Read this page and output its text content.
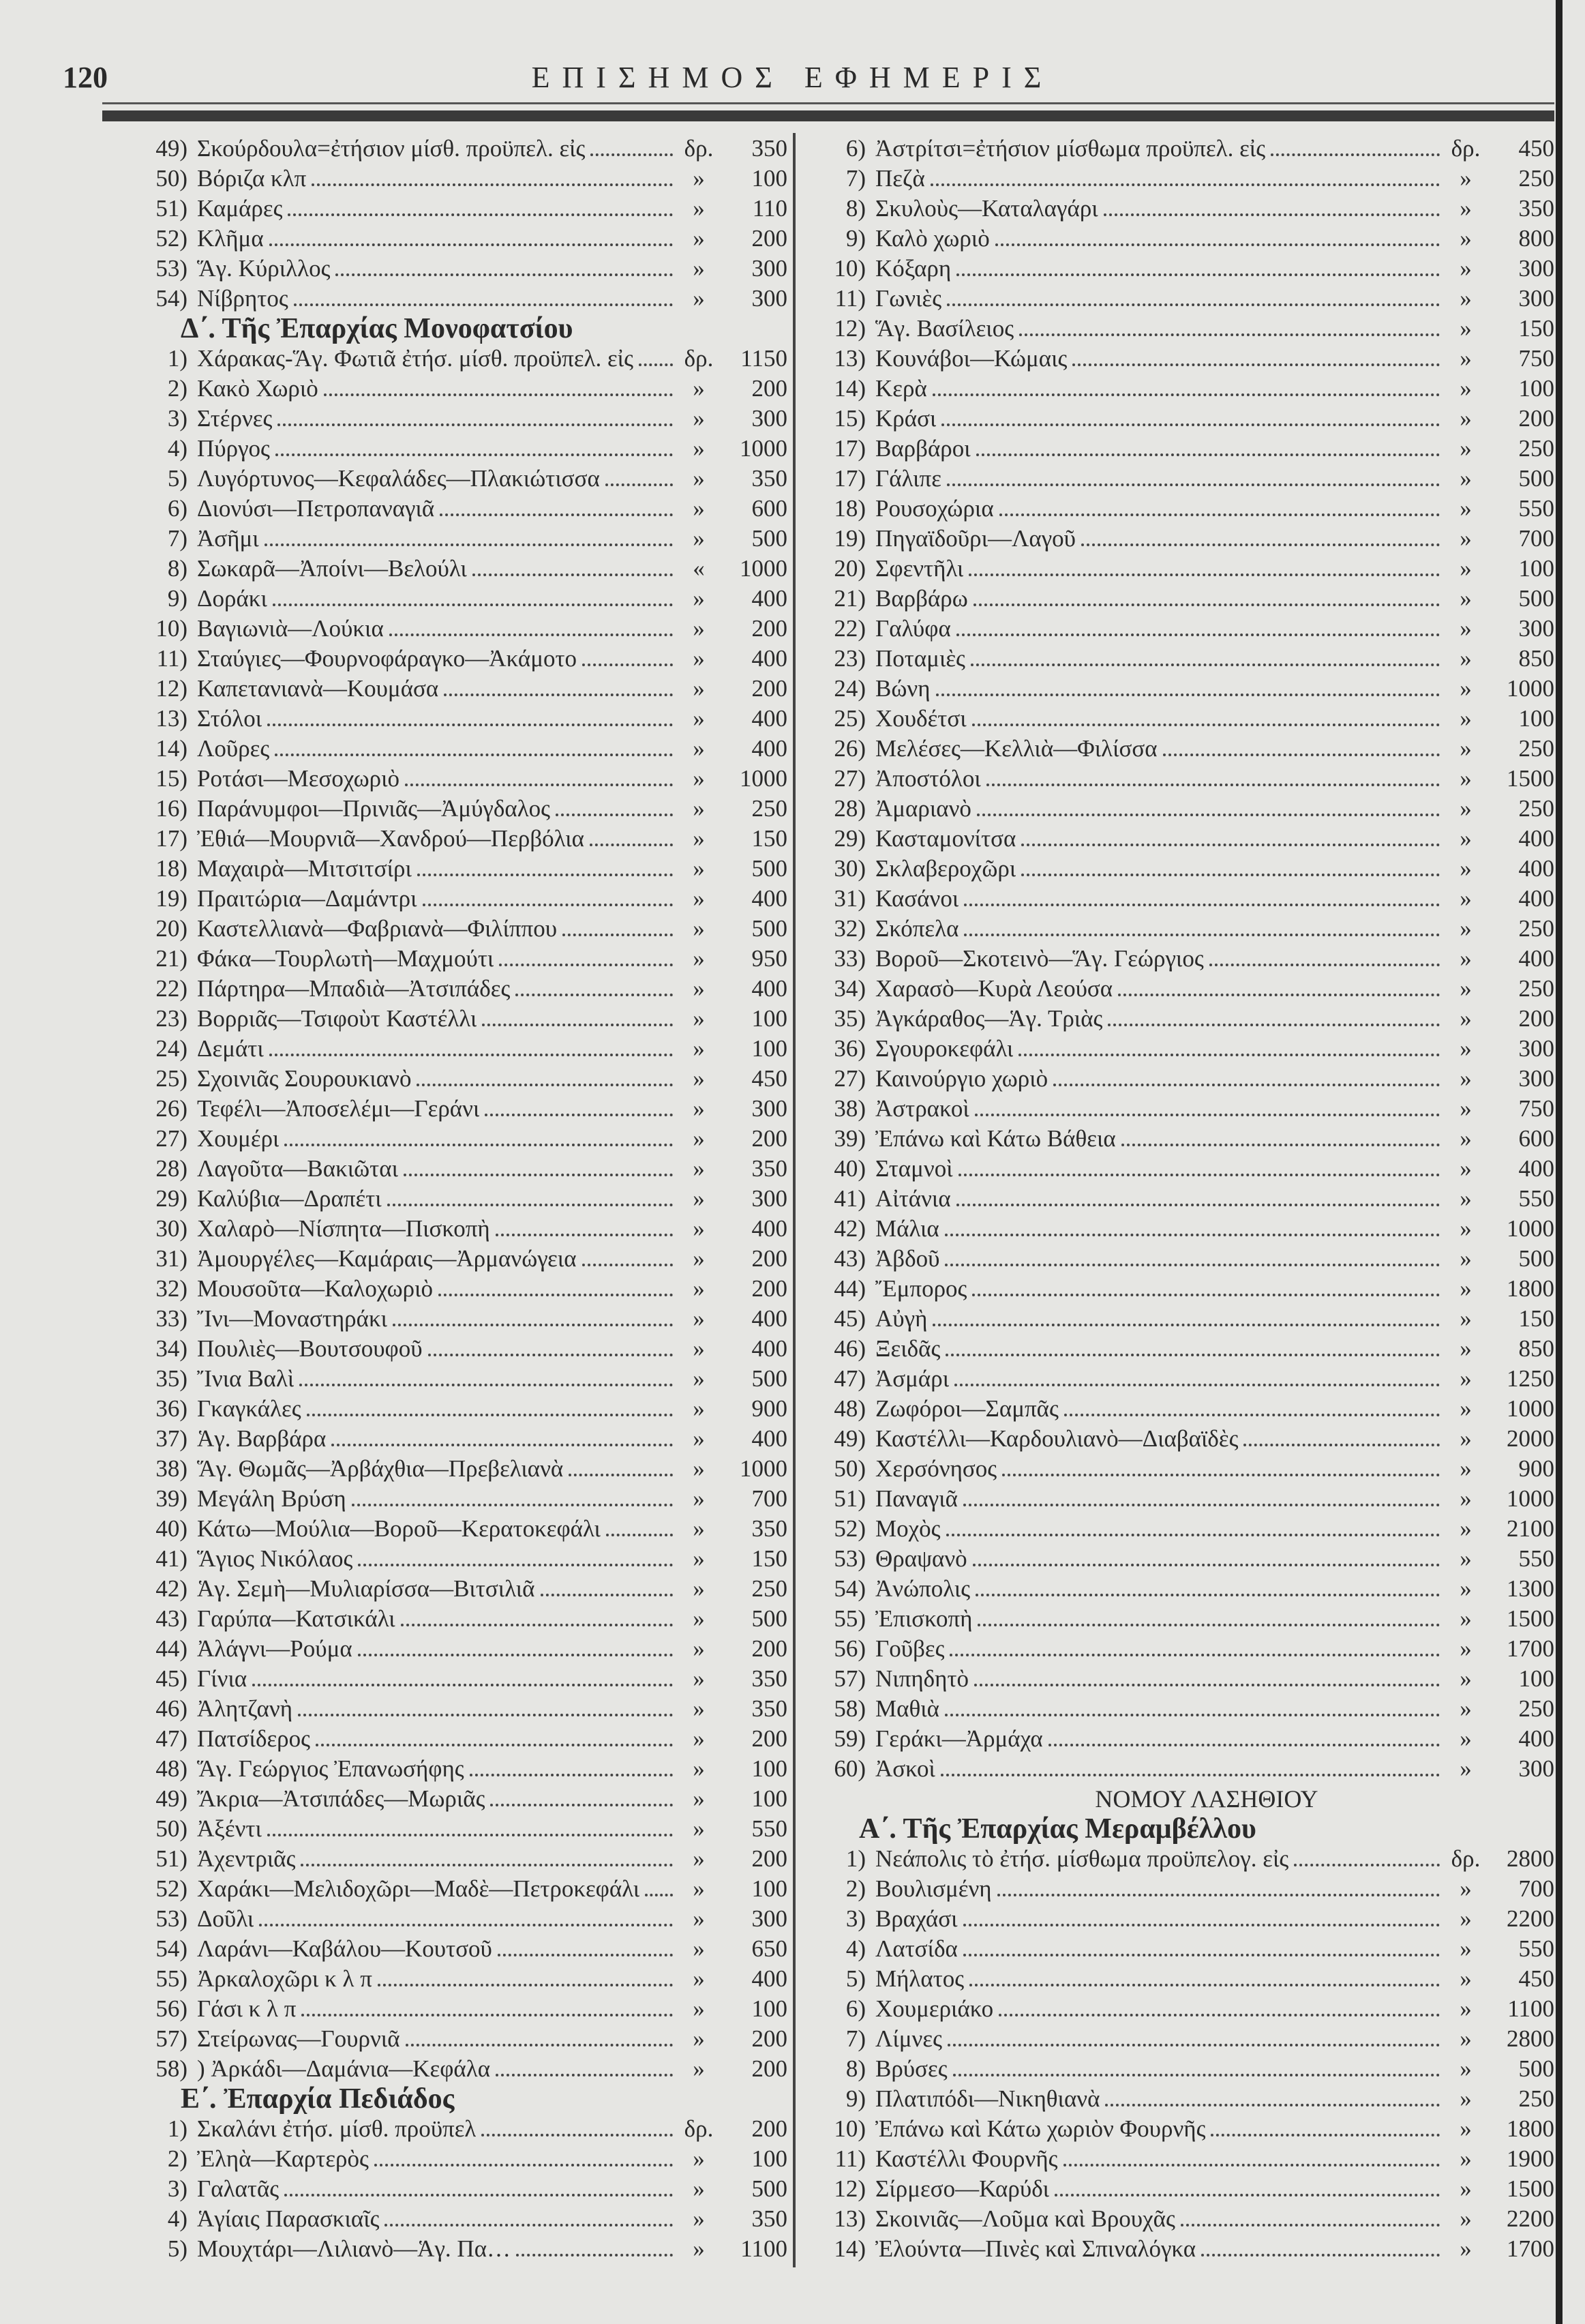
120	ΕΠΙΣΗΜΟΣ ΕΦΗΜΕΡΙΣ
49) Σκούρδουλα=ἐτήσιον μίσθ. προϋπελ. εἰς	δρ.	350
50) Βόριζα κλπ	»	100
51) Καμάρες	»	110
52) Κλῆμα	»	200
53) Ἅγ. Κύριλλος	»	300
54) Νίβρητος	»	300
Δ΄. Τῆς Ἐπαρχίας Μονοφατσίου
1) Χάρακας-Ἅγ. Φωτιᾶ ἐτήσ. μίσθ. προϋπελ. εἰς δρ.	1150
2) Κακὸ Χωριὸ	»	200
3) Στέρνες	»	300
4) Πύργος	»	1000
5) Λυγόρτυνος—Κεφαλάδες—Πλακιώτισσα	»	350
6) Διονύσι—Πετροπαναγιᾶ	»	600
7) Ἀσῆμι	»	500
8) Σωκαρᾶ—Ἀποίνι—Βελούλι	«	1000
9) Δοράκι	»	400
10) Βαγιωνιὰ—Λούκια	»	200
11) Σταύγιες—Φουρνοφάραγκο—Ἀκάμοτο	»	400
12) Καπετανιανὰ—Κουμάσα	»	200
13) Στόλοι	»	400
14) Λοῦρες	»	400
15) Ροτάσι—Μεσοχωριὸ	»	1000
16) Παράνυμφοι—Πρινιᾶς—Ἀμύγδαλος	»	250
17) Ἐθιά—Μουρνιᾶ—Χανδρού—Περβόλια	»	150
18) Μαχαιρὰ—Μιτσιτσίρι	»	500
19) Πραιτώρια—Δαμάντρι	»	400
20) Καστελλιανὰ—Φαβριανὰ—Φιλίππου	»	500
21) Φάκα—Τουρλωτὴ—Μαχμούτι	»	950
22) Πάρτηρα—Μπαδιὰ—Ἀτσιπάδες	»	400
23) Βορριᾶς—Τσιφοὺτ Καστέλλι	»	100
24) Δεμάτι	»	100
25) Σχοινιᾶς Σουρουκιανὸ	»	450
26) Τεφέλι—Ἀποσελέμι—Γεράνι	»	300
27) Χουμέρι	»	200
28) Λαγοῦτα—Βακιῶται	»	350
29) Καλύβια—Δραπέτι	»	300
30) Χαλαρὸ—Νίσπητα—Πισκοπὴ	»	400
31) Ἀμουργέλες—Καμάραις—Ἀρμανώγεια	»	200
32) Μουσοῦτα—Καλοχωριὸ	»	200
33) Ἴνι—Μοναστηράκι	»	400
34) Πουλιὲς—Βουτσουφοῦ	»	400
35) Ἴνια Βαλὶ	»	500
36) Γκαγκάλες	»	900
37) Ἁγ. Βαρβάρα	»	400
38) Ἅγ. Θωμᾶς—Ἀρβάχθια—Πρεβελιανὰ	»	1000
39) Μεγάλη Βρύση	»	700
40) Κάτω—Μούλια—Βοροῦ—Κερατοκεφάλι	»	350
41) Ἅγιος Νικόλαος	»	150
42) Ἁγ. Σεμὴ—Μυλιαρίσσα—Βιτσιλιᾶ	»	250
43) Γαρύπα—Κατσικάλι	»	500
44) Ἀλάγνι—Ρούμα	»	200
45) Γίνια	»	350
46) Ἀλητζανὴ	»	350
47) Πατσίδερος	»	200
48) Ἅγ. Γεώργιος Ἐπανωσήφης	»	100
49) Ἄκρια—Ἀτσιπάδες—Μωριᾶς	»	100
50) Ἀξέντι	»	550
51) Ἀχεντριᾶς	»	200
52) Χαράκι—Μελιδοχῶρι—Μαδὲ—Πετροκεφάλι	»	100
53) Δοῦλι	»	300
54) Λαράνι—Καβάλου—Κουτσοῦ	»	650
55) Ἀρκαλοχῶρι κ λ π	»	400
56) Γάσι κ λ π	»	100
57) Στείρωνας—Γουρνιᾶ	»	200
58) ) Ἀρκάδι—Δαμάνια—Κεφάλα	»	200
Ε΄. Ἐπαρχία Πεδιάδος
1) Σκαλάνι ἐτήσ. μίσθ. προϋπελ	δρ.	200
2) Ἐληὰ—Καρτερὸς	»	100
3) Γαλατᾶς	»	500
4) Ἁγίαις Παρασκιαῖς	»	350
5) Μουχτάρι—Λιλιανὸ—Ἁγ. Πα…	»	1100
6) Ἀστρίτσι=ἐτήσιον μίσθωμα προϋπελ. εἰς	δρ.	450
7) Πεζὰ	»	250
8) Σκυλοὺς—Καταλαγάρι	»	350
9) Καλὸ χωριὸ	»	800
10) Κόξαρη	»	300
11) Γωνιὲς	»	300
12) Ἅγ. Βασίλειος	»	150
13) Κουνάβοι—Κώμαις	»	750
14) Κερὰ	»	100
15) Κράσι	»	200
17) Βαρβάροι	»	250
17) Γάλιπε	»	500
18) Ρουσοχώρια	»	550
19) Πηγαϊδοῦρι—Λαγοῦ	»	700
20) Σφεντῆλι	»	100
21) Βαρβάρω	»	500
22) Γαλύφα	»	300
23) Ποταμιὲς	»	850
24) Βώνη	»	1000
25) Χουδέτσι	»	100
26) Μελέσες—Κελλιὰ—Φιλίσσα	»	250
27) Ἀποστόλοι	»	1500
28) Ἀμαριανὸ	»	250
29) Κασταμονίτσα	»	400
30) Σκλαβεροχῶρι	»	400
31) Κασάνοι	»	400
32) Σκόπελα	»	250
33) Βοροῦ—Σκοτεινὸ—Ἅγ. Γεώργιος	»	400
34) Χαρασὸ—Κυρὰ Λεούσα	»	250
35) Ἀγκάραθος—Ἁγ. Τριὰς	»	200
36) Σγουροκεφάλι	»	300
27) Καινούργιο χωριὸ	»	300
38) Ἀστρακοὶ	»	750
39) Ἐπάνω καὶ Κάτω Βάθεια	»	600
40) Σταμνοὶ	»	400
41) Αἰτάνια	»	550
42) Μάλια	»	1000
43) Ἀβδοῦ	»	500
44) Ἔμπορος	»	1800
45) Αὐγὴ	»	150
46) Ξειδᾶς	»	850
47) Ἀσμάρι	»	1250
48) Ζωφόροι—Σαμπᾶς	»	1000
49) Καστέλλι—Καρδουλιανὸ—Διαβαϊδὲς	»	2000
50) Χερσόνησος	»	900
51) Παναγιᾶ	»	1000
52) Μοχὸς	»	2100
53) Θραψανὸ	»	550
54) Ἀνώπολις	»	1300
55) Ἐπισκοπὴ	»	1500
56) Γοῦβες	»	1700
57) Νιπηδητὸ	»	100
58) Μαθιὰ	»	250
59) Γεράκι—Ἀρμάχα	»	400
60) Ἀσκοὶ	»	300
ΝΟΜΟΥ ΛΑΣΗΘΙΟΥ
Α΄. Τῆς Ἐπαρχίας Μεραμβέλλου
1) Νεάπολις τὸ ἐτήσ. μίσθωμα προϋπελογ. εἰς	δρ.	2800
2) Βουλισμένη	»	700
3) Βραχάσι	»	2200
4) Λατσίδα	»	550
5) Μήλατος	»	450
6) Χουμεριάκο	»	1100
7) Λίμνες	»	2800
8) Βρύσες	»	500
9) Πλατιπόδι—Νικηθιανὰ	»	250
10) Ἐπάνω καὶ Κάτω χωριὸν Φουρνῆς	»	1800
11) Καστέλλι Φουρνῆς	»	1900
12) Σίρμεσο—Καρύδι	»	1500
13) Σκοινιᾶς—Λοῦμα καὶ Βρουχᾶς	»	2200
14) Ἐλούντα—Πινὲς καὶ Σπιναλόγκα	»	1700
